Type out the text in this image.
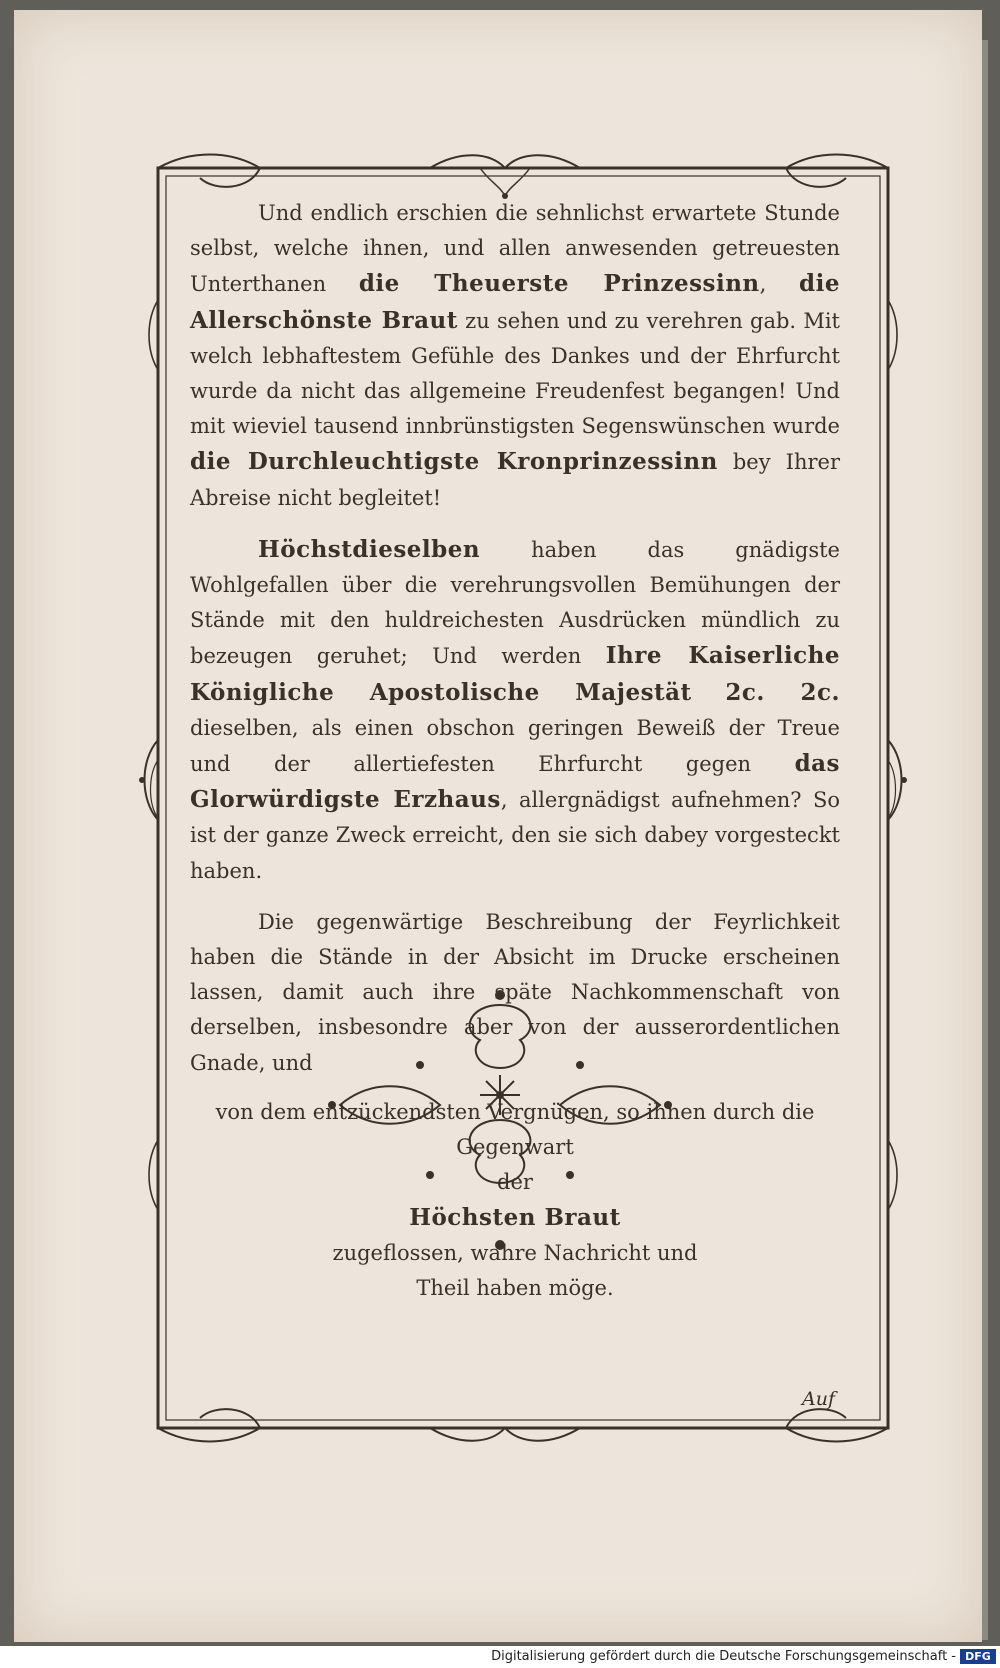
Und endlich erschien die sehnlichst erwartete Stunde selbst, welche ihnen, und allen anwesenden getreuesten Unterthanen die Theuerste Prinzessinn, die Allerschönste Braut zu sehen und zu verehren gab. Mit welch lebhaftestem Gefühle des Dankes und der Ehrfurcht wurde da nicht das allgemeine Freudenfest begangen! Und mit wieviel tausend innbrünstigsten Segenswünschen wurde die Durchleuchtigste Kronprinzessinn bey Ihrer Abreise nicht begleitet!

Höchstdieselben haben das gnädigste Wohlgefallen über die verehrungsvollen Bemühungen der Stände mit den huldreichesten Ausdrücken mündlich zu bezeugen geruhet; Und werden Ihre Kaiserliche Königliche Apostolische Majestät 2c. 2c. dieselben, als einen obschon geringen Beweiß der Treue und der allertiefesten Ehrfurcht gegen das Glorwürdigste Erzhaus, allergnädigst aufnehmen? So ist der ganze Zweck erreicht, den sie sich dabey vorgesteckt haben.

Die gegenwärtige Beschreibung der Feyrlichkeit haben die Stände in der Absicht im Drucke erscheinen lassen, damit auch ihre späte Nachkommenschaft von derselben, insbesondre aber von der ausserordentlichen Gnade, und

von dem entzückendsten Vergnügen, so ihnen durch die Gegenwart
der
Höchsten Braut
zugeflossen, wahre Nachricht und
Theil haben möge.
Auf
Digitalisierung gefördert durch die Deutsche Forschungsgemeinschaft - DFG
